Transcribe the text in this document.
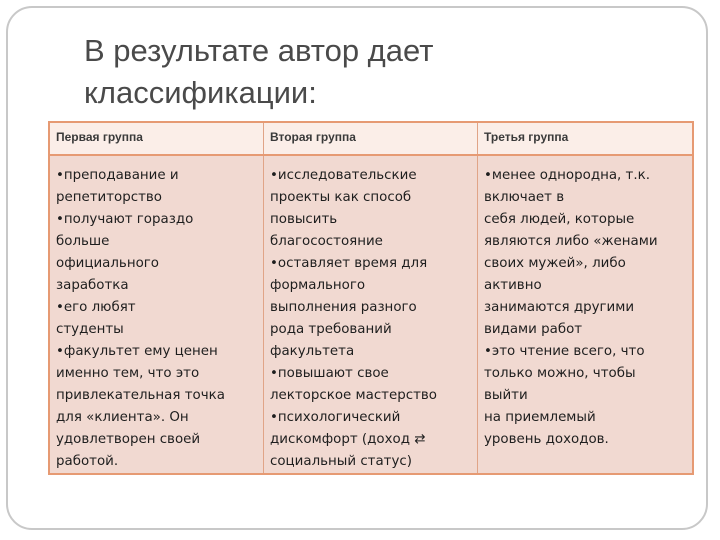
В результате автор дает
классификации:
Первая группа	Вторая группа	Третья группа
•преподавание и
репетиторство
•получают гораздо
больше
официального
заработка
•его любят
студенты
•факультет ему ценен
именно тем, что это
привлекательная точка
для «клиента». Он
удовлетворен своей
работой.
•исследовательские
проекты как способ
повысить
благосостояние
•оставляет время для
формального
выполнения разного
рода требований
факультета
•повышают свое
лекторское мастерство
•психологический
дискомфорт (доход ⇄
социальный статус)
•менее однородна, т.к.
включает в
себя людей, которые
являются либо «женами
своих мужей», либо
активно
занимаются другими
видами работ
•это чтение всего, что
только можно, чтобы
выйти
на приемлемый
уровень доходов.
